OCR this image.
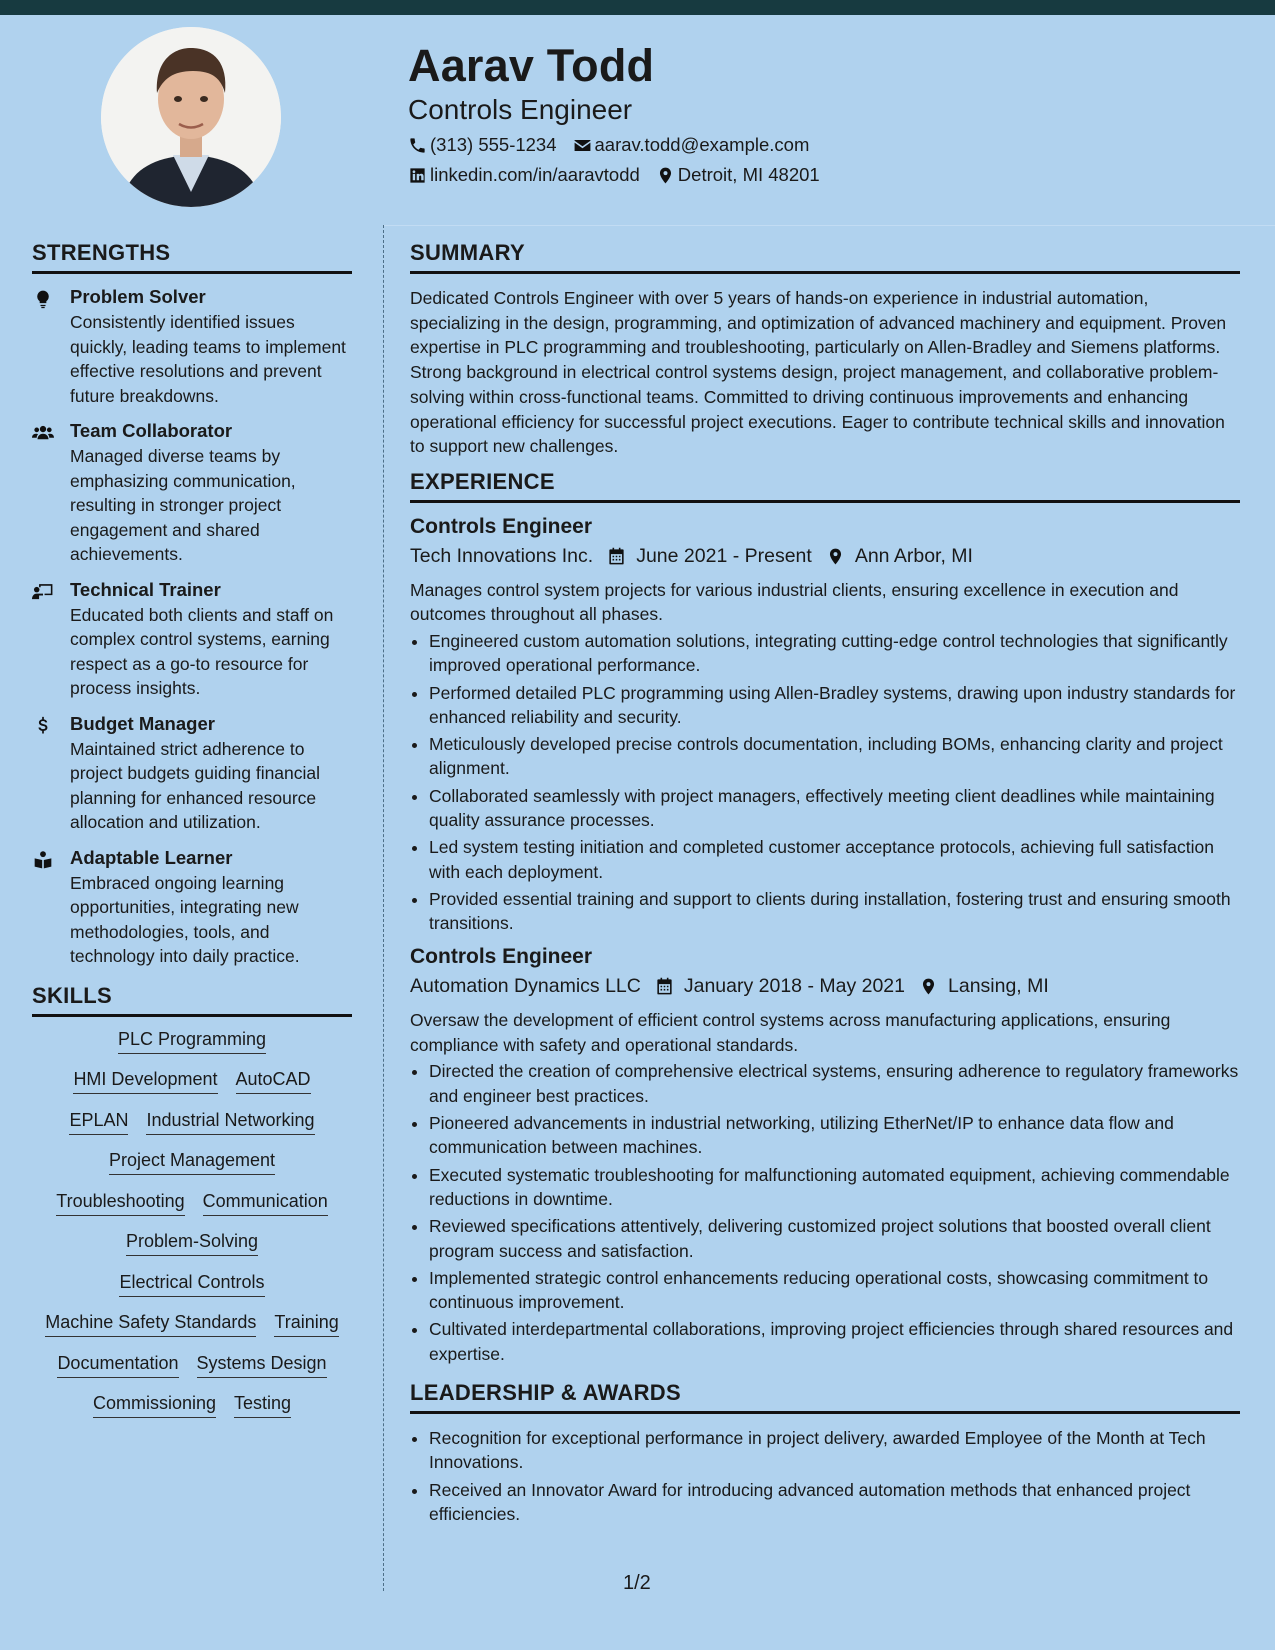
Aarav Todd
Controls Engineer
(313) 555-1234 aarav.todd@example.com
linkedin.com/in/aaravtodd Detroit, MI 48201
STRENGTHS
Problem Solver
Consistently identified issues quickly, leading teams to implement effective resolutions and prevent future breakdowns.
Team Collaborator
Managed diverse teams by emphasizing communication, resulting in stronger project engagement and shared achievements.
Technical Trainer
Educated both clients and staff on complex control systems, earning respect as a go-to resource for process insights.
Budget Manager
Maintained strict adherence to project budgets guiding financial planning for enhanced resource allocation and utilization.
Adaptable Learner
Embraced ongoing learning opportunities, integrating new methodologies, tools, and technology into daily practice.
SKILLS
PLC Programming
HMI Development AutoCAD
EPLAN Industrial Networking
Project Management
Troubleshooting Communication
Problem-Solving
Electrical Controls
Machine Safety Standards Training
Documentation Systems Design
Commissioning Testing
SUMMARY

Dedicated Controls Engineer with over 5 years of hands-on experience in industrial automation, specializing in the design, programming, and optimization of advanced machinery and equipment. Proven expertise in PLC programming and troubleshooting, particularly on Allen-Bradley and Siemens platforms. Strong background in electrical control systems design, project management, and collaborative problem-solving within cross-functional teams. Committed to driving continuous improvements and enhancing operational efficiency for successful project executions. Eager to contribute technical skills and innovation to support new challenges.

EXPERIENCE
Controls Engineer
Tech Innovations Inc. June 2021 - Present Ann Arbor, MI
Manages control system projects for various industrial clients, ensuring excellence in execution and outcomes throughout all phases.
• Engineered custom automation solutions, integrating cutting-edge control technologies that significantly improved operational performance.
• Performed detailed PLC programming using Allen-Bradley systems, drawing upon industry standards for enhanced reliability and security.
• Meticulously developed precise controls documentation, including BOMs, enhancing clarity and project alignment.
• Collaborated seamlessly with project managers, effectively meeting client deadlines while maintaining quality assurance processes.
• Led system testing initiation and completed customer acceptance protocols, achieving full satisfaction with each deployment.
• Provided essential training and support to clients during installation, fostering trust and ensuring smooth transitions.
Controls Engineer
Automation Dynamics LLC January 2018 - May 2021 Lansing, MI
Oversaw the development of efficient control systems across manufacturing applications, ensuring compliance with safety and operational standards.
• Directed the creation of comprehensive electrical systems, ensuring adherence to regulatory frameworks and engineer best practices.
• Pioneered advancements in industrial networking, utilizing EtherNet/IP to enhance data flow and communication between machines.
• Executed systematic troubleshooting for malfunctioning automated equipment, achieving commendable reductions in downtime.
• Reviewed specifications attentively, delivering customized project solutions that boosted overall client program success and satisfaction.
• Implemented strategic control enhancements reducing operational costs, showcasing commitment to continuous improvement.
• Cultivated interdepartmental collaborations, improving project efficiencies through shared resources and expertise.
LEADERSHIP & AWARDS
• Recognition for exceptional performance in project delivery, awarded Employee of the Month at Tech Innovations.
• Received an Innovator Award for introducing advanced automation methods that enhanced project efficiencies.
1/2
